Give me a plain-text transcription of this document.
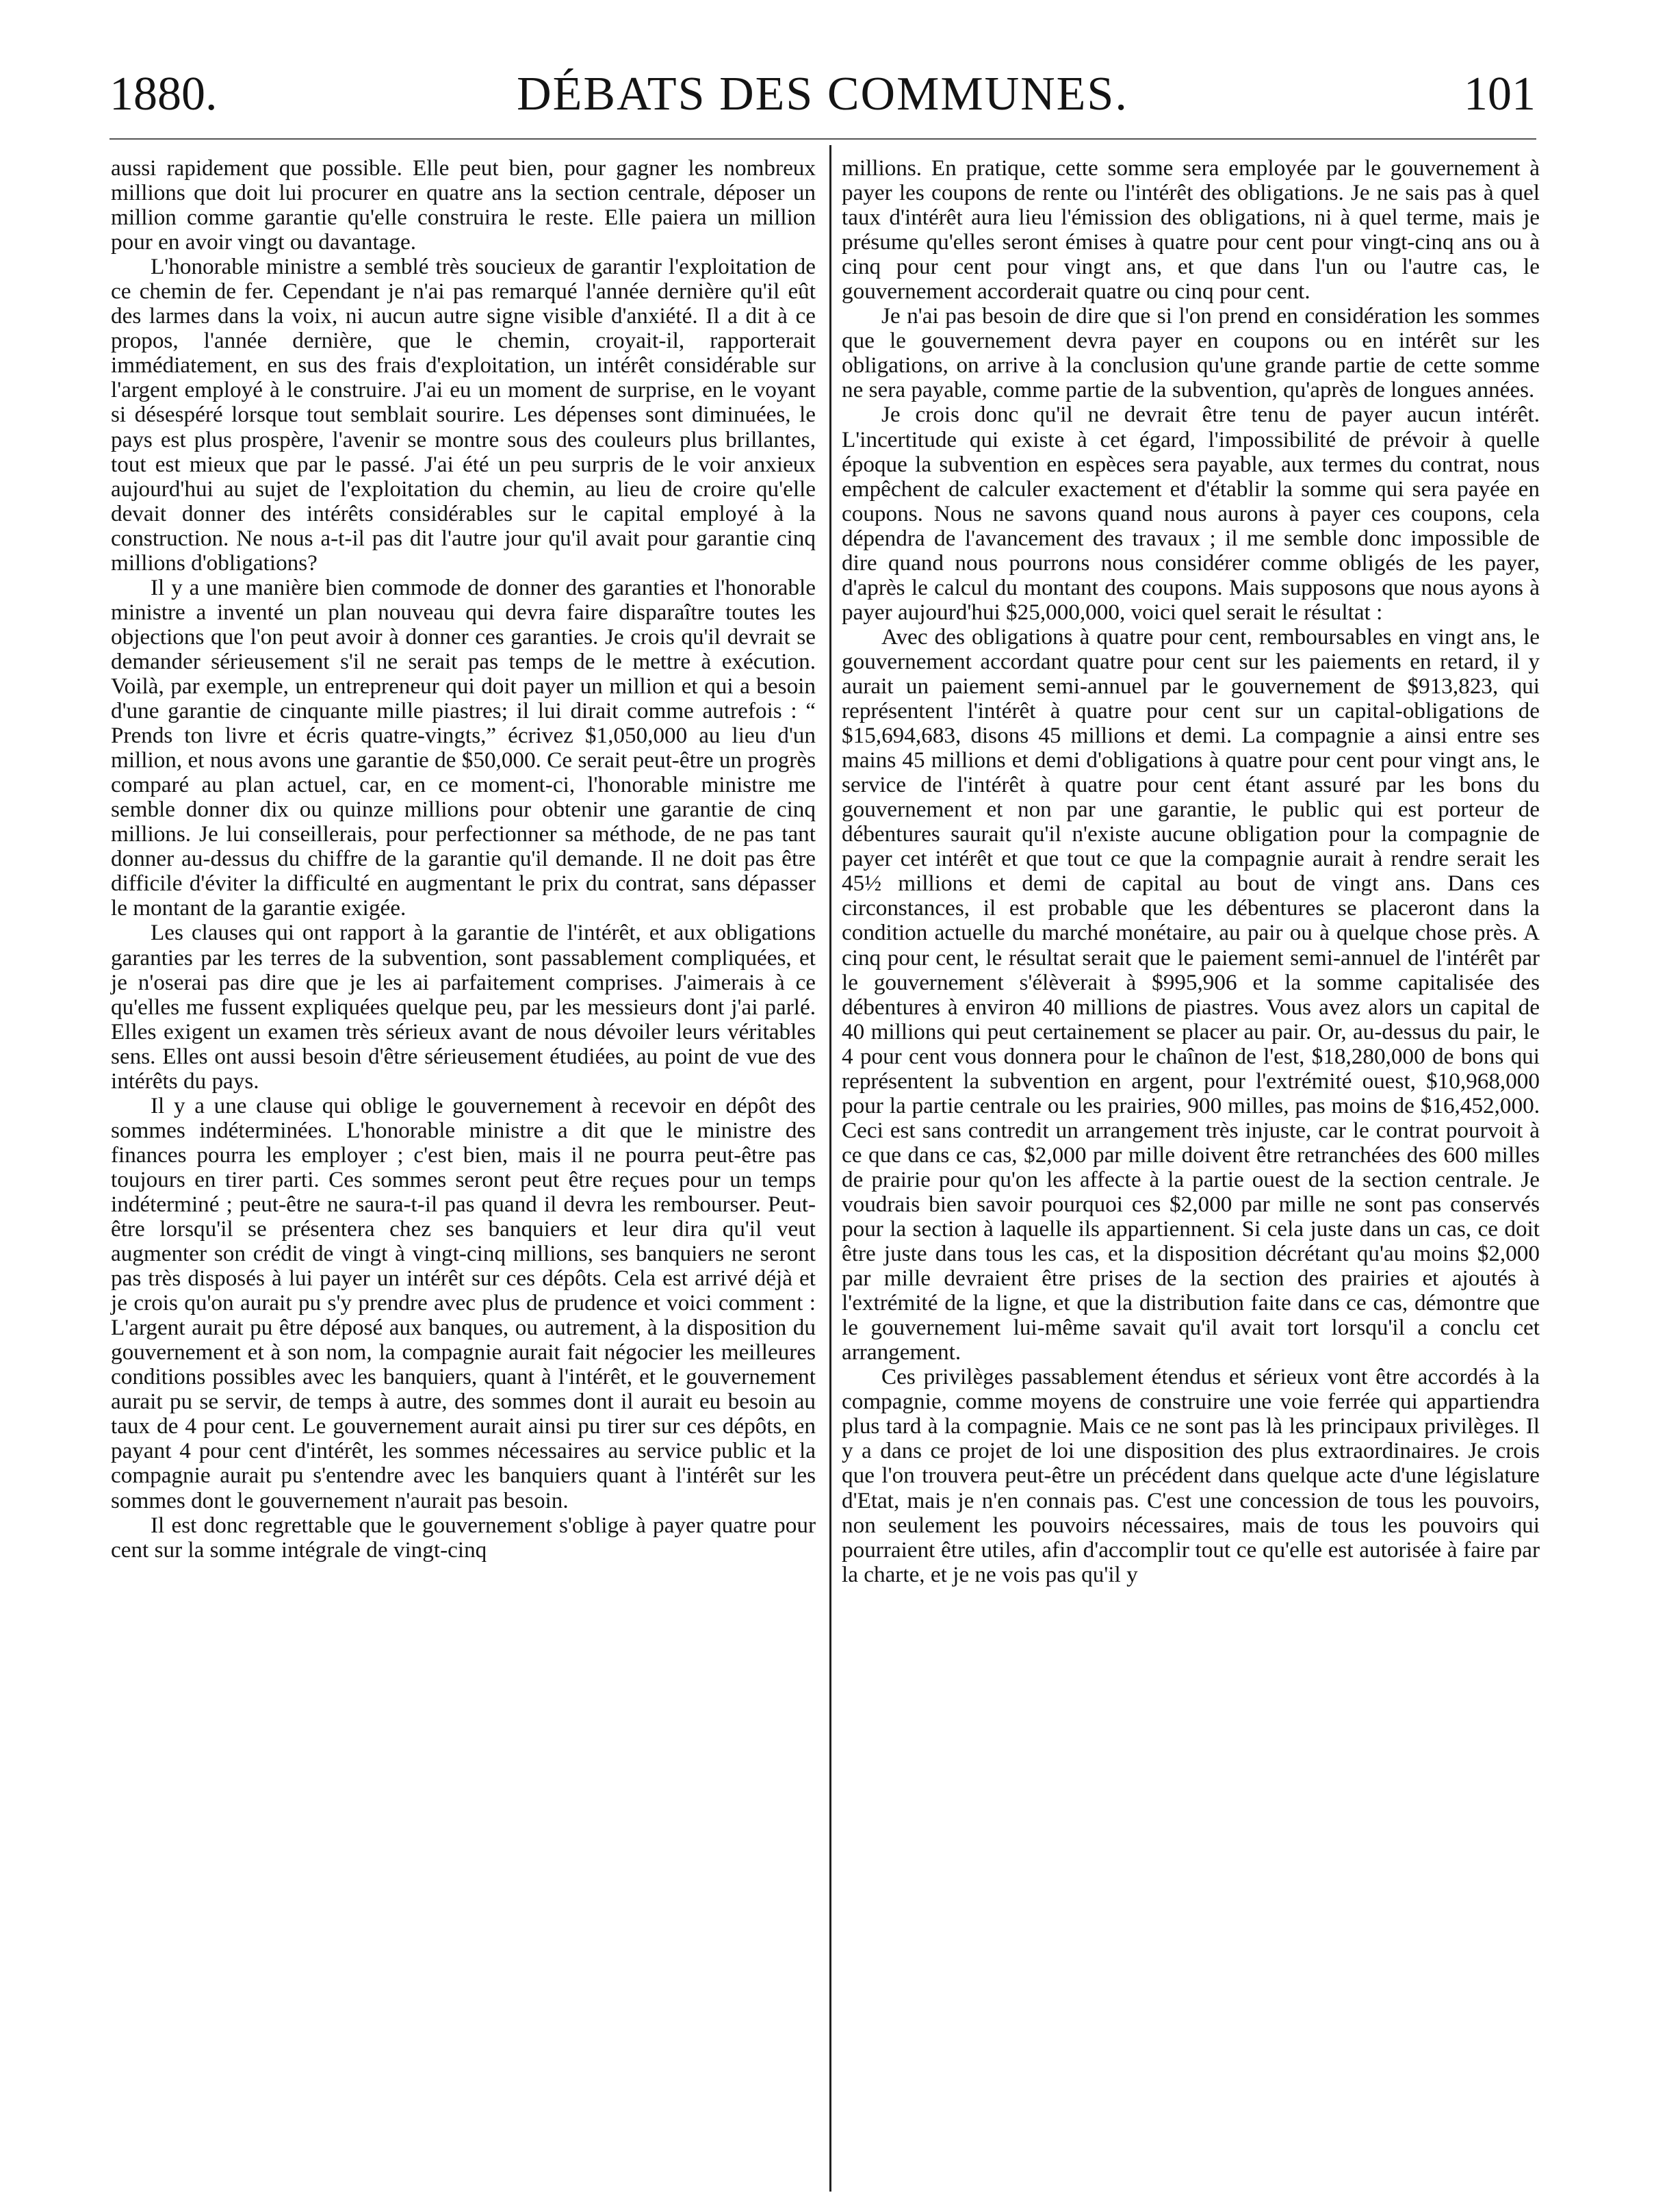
1880.	DÉBATS DES COMMUNES.	101

aussi rapidement que possible. Elle peut bien, pour gagner les nombreux millions que doit lui procurer en quatre ans la section centrale, déposer un million comme garantie qu'elle construira le reste. Elle paiera un million pour en avoir vingt ou davantage.

L'honorable ministre a semblé très soucieux de garantir l'exploitation de ce chemin de fer. Cependant je n'ai pas remarqué l'année dernière qu'il eût des larmes dans la voix, ni aucun autre signe visible d'anxiété. Il a dit à ce propos, l'année dernière, que le chemin, croyait-il, rapporterait immédiatement, en sus des frais d'exploitation, un intérêt considérable sur l'argent employé à le construire. J'ai eu un moment de surprise, en le voyant si désespéré lorsque tout semblait sourire. Les dépenses sont diminuées, le pays est plus prospère, l'avenir se montre sous des couleurs plus brillantes, tout est mieux que par le passé. J'ai été un peu surpris de le voir anxieux aujourd'hui au sujet de l'exploitation du chemin, au lieu de croire qu'elle devait donner des intérêts considérables sur le capital employé à la construction. Ne nous a-t-il pas dit l'autre jour qu'il avait pour garantie cinq millions d'obligations?

Il y a une manière bien commode de donner des garanties et l'honorable ministre a inventé un plan nouveau qui devra faire disparaître toutes les objections que l'on peut avoir à donner ces garanties. Je crois qu'il devrait se demander sérieusement s'il ne serait pas temps de le mettre à exécution. Voilà, par exemple, un entrepreneur qui doit payer un million et qui a besoin d'une garantie de cinquante mille piastres; il lui dirait comme autrefois : “ Prends ton livre et écris quatre-vingts,” écrivez $1,050,000 au lieu d'un million, et nous avons une garantie de $50,000. Ce serait peut-être un progrès comparé au plan actuel, car, en ce moment-ci, l'honorable ministre me semble donner dix ou quinze millions pour obtenir une garantie de cinq millions. Je lui conseillerais, pour perfectionner sa méthode, de ne pas tant donner au-dessus du chiffre de la garantie qu'il demande. Il ne doit pas être difficile d'éviter la difficulté en augmentant le prix du contrat, sans dépasser le montant de la garantie exigée.

Les clauses qui ont rapport à la garantie de l'intérêt, et aux obligations garanties par les terres de la subvention, sont passablement compliquées, et je n'oserai pas dire que je les ai parfaitement comprises. J'aimerais à ce qu'elles me fussent expliquées quelque peu, par les messieurs dont j'ai parlé. Elles exigent un examen très sérieux avant de nous dévoiler leurs véritables sens. Elles ont aussi besoin d'être sérieusement étudiées, au point de vue des intérêts du pays.

Il y a une clause qui oblige le gouvernement à recevoir en dépôt des sommes indéterminées. L'honorable ministre a dit que le ministre des finances pourra les employer ; c'est bien, mais il ne pourra peut-être pas toujours en tirer parti. Ces sommes seront peut être reçues pour un temps indéterminé ; peut-être ne saura-t-il pas quand il devra les rembourser. Peut-être lorsqu'il se présentera chez ses banquiers et leur dira qu'il veut augmenter son crédit de vingt à vingt-cinq millions, ses banquiers ne seront pas très disposés à lui payer un intérêt sur ces dépôts. Cela est arrivé déjà et je crois qu'on aurait pu s'y prendre avec plus de prudence et voici comment : L'argent aurait pu être déposé aux banques, ou autrement, à la disposition du gouvernement et à son nom, la compagnie aurait fait négocier les meilleures conditions possibles avec les banquiers, quant à l'intérêt, et le gouvernement aurait pu se servir, de temps à autre, des sommes dont il aurait eu besoin au taux de 4 pour cent. Le gouvernement aurait ainsi pu tirer sur ces dépôts, en payant 4 pour cent d'intérêt, les sommes nécessaires au service public et la compagnie aurait pu s'entendre avec les banquiers quant à l'intérêt sur les sommes dont le gouvernement n'aurait pas besoin.

Il est donc regrettable que le gouvernement s'oblige à payer quatre pour cent sur la somme intégrale de vingt-cinq

millions. En pratique, cette somme sera employée par le gouvernement à payer les coupons de rente ou l'intérêt des obligations. Je ne sais pas à quel taux d'intérêt aura lieu l'émission des obligations, ni à quel terme, mais je présume qu'elles seront émises à quatre pour cent pour vingt-cinq ans ou à cinq pour cent pour vingt ans, et que dans l'un ou l'autre cas, le gouvernement accorderait quatre ou cinq pour cent.

Je n'ai pas besoin de dire que si l'on prend en considération les sommes que le gouvernement devra payer en coupons ou en intérêt sur les obligations, on arrive à la conclusion qu'une grande partie de cette somme ne sera payable, comme partie de la subvention, qu'après de longues années.

Je crois donc qu'il ne devrait être tenu de payer aucun intérêt. L'incertitude qui existe à cet égard, l'impossibilité de prévoir à quelle époque la subvention en espèces sera payable, aux termes du contrat, nous empêchent de calculer exactement et d'établir la somme qui sera payée en coupons. Nous ne savons quand nous aurons à payer ces coupons, cela dépendra de l'avancement des travaux ; il me semble donc impossible de dire quand nous pourrons nous considérer comme obligés de les payer, d'après le calcul du montant des coupons. Mais supposons que nous ayons à payer aujourd'hui $25,000,000, voici quel serait le résultat :

Avec des obligations à quatre pour cent, remboursables en vingt ans, le gouvernement accordant quatre pour cent sur les paiements en retard, il y aurait un paiement semi-annuel par le gouvernement de $913,823, qui représentent l'intérêt à quatre pour cent sur un capital-obligations de $15,694,683, disons 45 millions et demi. La compagnie a ainsi entre ses mains 45 millions et demi d'obligations à quatre pour cent pour vingt ans, le service de l'intérêt à quatre pour cent étant assuré par les bons du gouvernement et non par une garantie, le public qui est porteur de débentures saurait qu'il n'existe aucune obligation pour la compagnie de payer cet intérêt et que tout ce que la compagnie aurait à rendre serait les 45½ millions et demi de capital au bout de vingt ans. Dans ces circonstances, il est probable que les débentures se placeront dans la condition actuelle du marché monétaire, au pair ou à quelque chose près. A cinq pour cent, le résultat serait que le paiement semi-annuel de l'intérêt par le gouvernement s'élèverait à $995,906 et la somme capitalisée des débentures à environ 40 millions de piastres. Vous avez alors un capital de 40 millions qui peut certainement se placer au pair. Or, au-dessus du pair, le 4 pour cent vous donnera pour le chaînon de l'est, $18,280,000 de bons qui représentent la subvention en argent, pour l'extrémité ouest, $10,968,000 pour la partie centrale ou les prairies, 900 milles, pas moins de $16,452,000. Ceci est sans contredit un arrangement très injuste, car le contrat pourvoit à ce que dans ce cas, $2,000 par mille doivent être retranchées des 600 milles de prairie pour qu'on les affecte à la partie ouest de la section centrale. Je voudrais bien savoir pourquoi ces $2,000 par mille ne sont pas conservés pour la section à laquelle ils appartiennent. Si cela juste dans un cas, ce doit être juste dans tous les cas, et la disposition décrétant qu'au moins $2,000 par mille devraient être prises de la section des prairies et ajoutés à l'extrémité de la ligne, et que la distribution faite dans ce cas, démontre que le gouvernement lui-même savait qu'il avait tort lorsqu'il a conclu cet arrangement.

Ces privilèges passablement étendus et sérieux vont être accordés à la compagnie, comme moyens de construire une voie ferrée qui appartiendra plus tard à la compagnie. Mais ce ne sont pas là les principaux privilèges. Il y a dans ce projet de loi une disposition des plus extraordinaires. Je crois que l'on trouvera peut-être un précédent dans quelque acte d'une législature d'Etat, mais je n'en connais pas. C'est une concession de tous les pouvoirs, non seulement les pouvoirs nécessaires, mais de tous les pouvoirs qui pourraient être utiles, afin d'accomplir tout ce qu'elle est autorisée à faire par la charte, et je ne vois pas qu'il y
